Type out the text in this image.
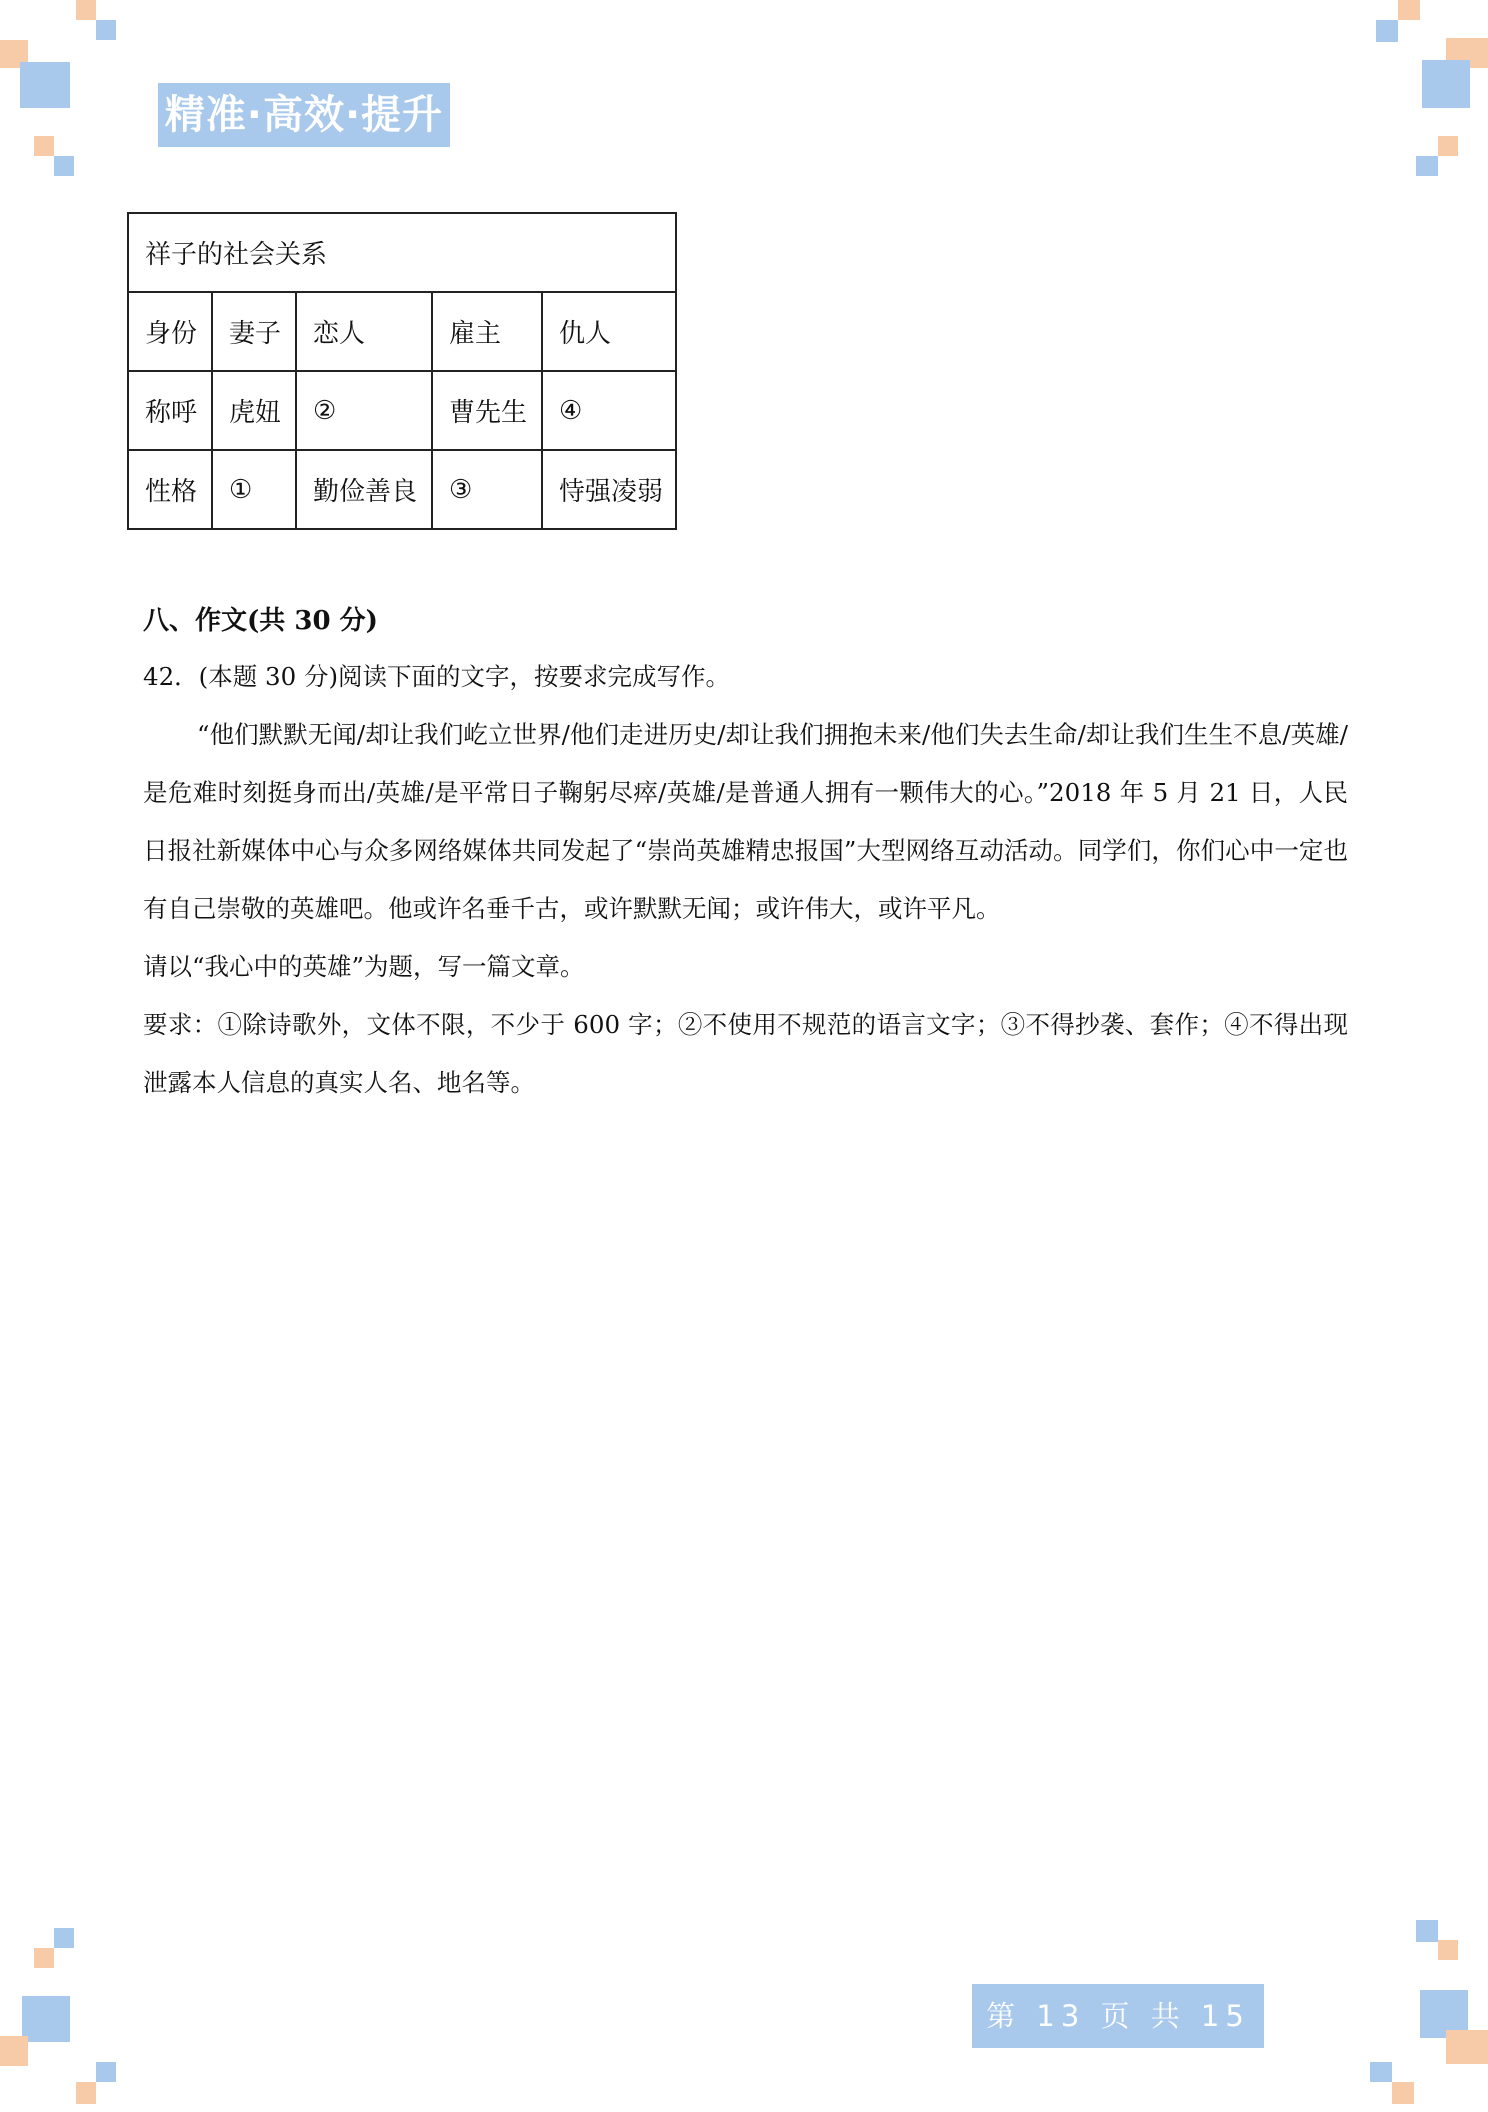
精准·高效·提升
祥子的社会关系				
身份	妻子	恋人	雇主	仇人
称呼	虎妞	②	曹先生	④
性格	①	勤俭善良	③	恃强凌弱
八、作文(共 30 分)

42．(本题 30 分)阅读下面的文字，按要求完成写作。

“他们默默无闻/却让我们屹立世界/他们走进历史/却让我们拥抱未来/他们失去生命/却让我们生生不息/英雄/是危难时刻挺身而出/英雄/是平常日子鞠躬尽瘁/英雄/是普通人拥有一颗伟大的心。”2018 年 5 月 21 日，人民日报社新媒体中心与众多网络媒体共同发起了“崇尚英雄精忠报国”大型网络互动活动。同学们，你们心中一定也有自己崇敬的英雄吧。他或许名垂千古，或许默默无闻；或许伟大，或许平凡。

请以“我心中的英雄”为题，写一篇文章。

要求：①除诗歌外，文体不限，不少于 600 字；②不使用不规范的语言文字；③不得抄袭、套作；④不得出现泄露本人信息的真实人名、地名等。

第 13 页 共 15 页
